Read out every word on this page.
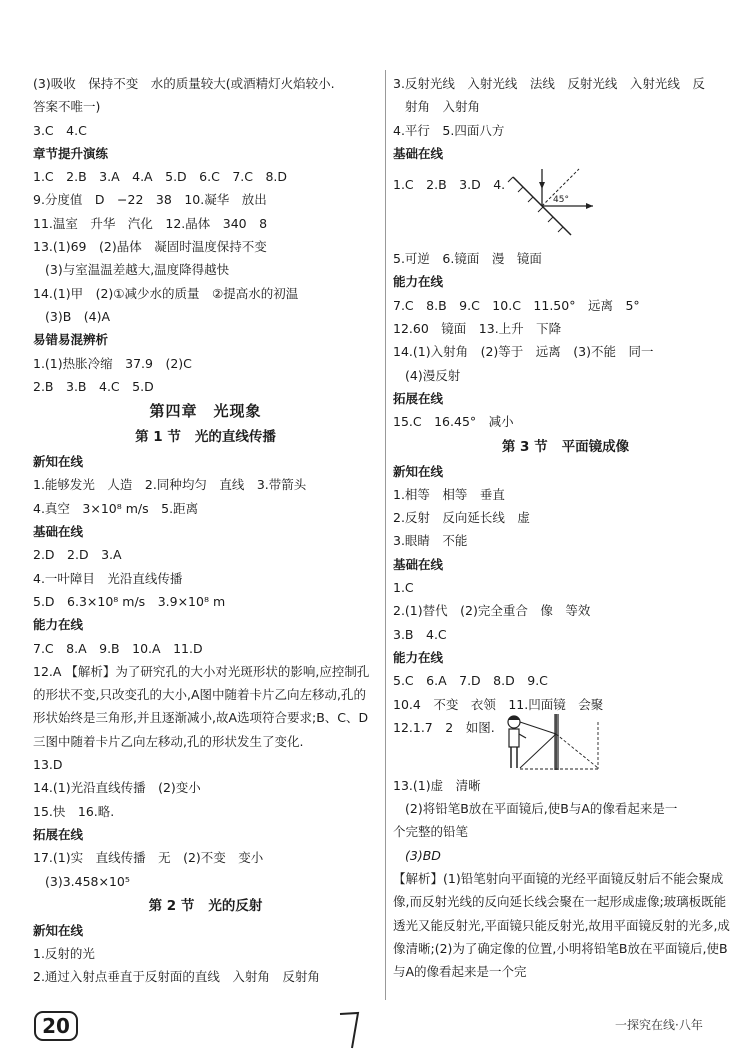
(3)吸收　保持不变　水的质量较大(或酒精灯火焰较小.
答案不唯一)
3.C　4.C
章节提升演练
1.C　2.B　3.A　4.A　5.D　6.C　7.C　8.D
9.分度值　D　−22　38　10.凝华　放出
11.温室　升华　汽化　12.晶体　340　8
13.(1)69　(2)晶体　凝固时温度保持不变
(3)与室温温差越大,温度降得越快
14.(1)甲　(2)①减少水的质量　②提高水的初温
(3)B　(4)A
易错易混辨析
1.(1)热胀冷缩　37.9　(2)C
2.B　3.B　4.C　5.D
第四章　光现象
第 1 节 光的直线传播
新知在线
1.能够发光　人造　2.同种均匀　直线　3.带箭头
4.真空　3×10⁸ m/s　5.距离
基础在线
2.D　2.D　3.A
4.一叶障目　光沿直线传播
5.D　6.3×10⁸ m/s　3.9×10⁸ m
能力在线
7.C　8.A　9.B　10.A　11.D
12.A 【解析】为了研究孔的大小对光斑形状的影响,应控制孔的形状不变,只改变孔的大小,A图中随着卡片乙向左移动,孔的形状始终是三角形,并且逐渐减小,故A选项符合要求;B、C、D三图中随着卡片乙向左移动,孔的形状发生了变化.
13.D
14.(1)光沿直线传播　(2)变小
15.快　16.略.
拓展在线
17.(1)实　直线传播　无　(2)不变　变小
(3)3.458×10⁵
第 2 节 光的反射
新知在线
1.反射的光
2.通过入射点垂直于反射面的直线　入射角　反射角
3.反射光线　入射光线　法线　反射光线　入射光线　反
射角　入射角
4.平行　5.四面八方
基础在线
1.C　2.B　3.D　4.
45°
5.可逆　6.镜面　漫　镜面
能力在线
7.C　8.B　9.C　10.C　11.50°　远离　5°
12.60　镜面　13.上升　下降
14.(1)入射角　(2)等于　远离　(3)不能　同一
(4)漫反射
拓展在线
15.C　16.45°　减小
第 3 节 平面镜成像
新知在线
1.相等　相等　垂直
2.反射　反向延长线　虚
3.眼睛　不能
基础在线
1.C
2.(1)替代　(2)完全重合　像　等效
3.B　4.C
能力在线
5.C　6.A　7.D　8.D　9.C
10.4　不变　衣领　11.凹面镜　会聚
12.1.7　2　如图.
13.(1)虚　清晰
(2)将铅笔B放在平面镜后,使B与A的像看起来是一
个完整的铅笔
(3)BD
【解析】(1)铅笔射向平面镜的光经平面镜反射后不能会聚成像,而反射光线的反向延长线会聚在一起形成虚像;玻璃板既能透光又能反射光,平面镜只能反射光,故用平面镜反射的光多,成像清晰;(2)为了确定像的位置,小明将铅笔B放在平面镜后,使B与A的像看起来是一个完
20	一探究在线·八年
